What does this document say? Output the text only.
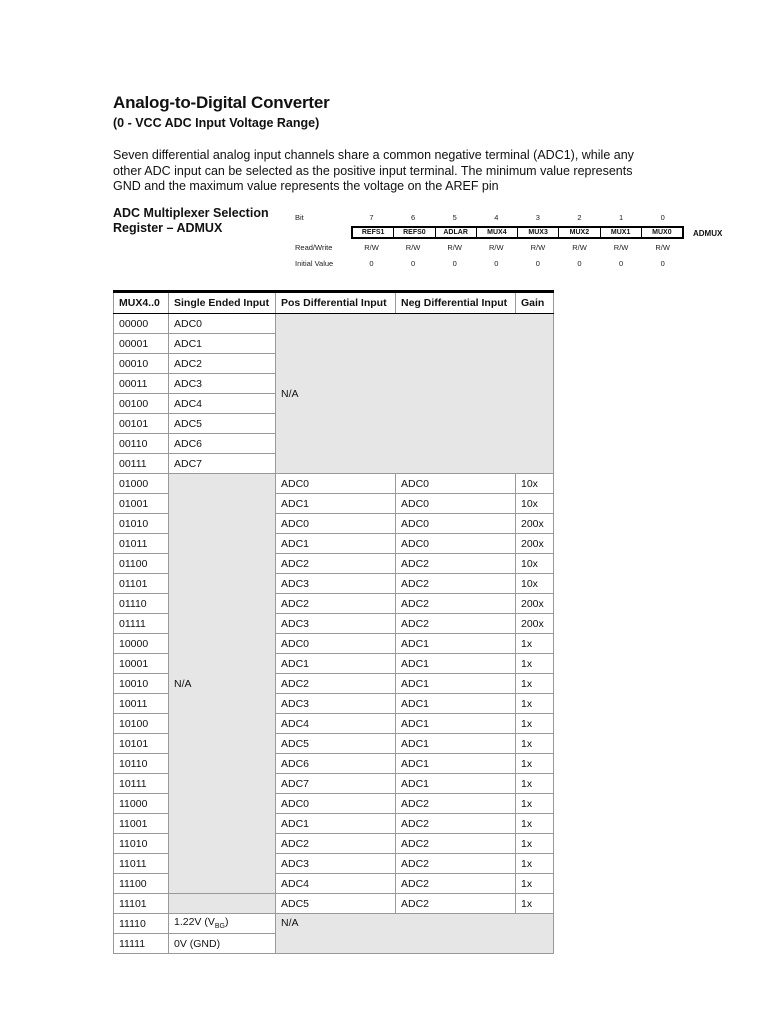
Analog-to-Digital Converter
(0 - VCC ADC Input Voltage Range)
Seven differential analog input channels share a common negative terminal (ADC1), while any other ADC input can be selected as the positive input terminal. The minimum value represents GND and the maximum value represents the voltage on the AREF pin
ADC Multiplexer Selection
Register – ADMUX
Bit
Read/Write
Initial Value
7	6	5	4	3	2	1	0
REFS1	REFS0	ADLAR	MUX4	MUX3	MUX2	MUX1	MUX0
R/W	R/W	R/W	R/W	R/W	R/W	R/W	R/W
0	0	0	0	0	0	0	0
ADMUX
MUX4..0	Single Ended Input	Pos Differential Input	Neg Differential Input	Gain
00000	ADC0	N/A		
00001	ADC1			
00010	ADC2			
00011	ADC3			
00100	ADC4			
00101	ADC5			
00110	ADC6			
00111	ADC7			
01000	N/A	ADC0	ADC0	10x
01001		ADC1	ADC0	10x
01010		ADC0	ADC0	200x
01011		ADC1	ADC0	200x
01100		ADC2	ADC2	10x
01101		ADC3	ADC2	10x
01110		ADC2	ADC2	200x
01111		ADC3	ADC2	200x
10000		ADC0	ADC1	1x
10001		ADC1	ADC1	1x
10010		ADC2	ADC1	1x
10011		ADC3	ADC1	1x
10100		ADC4	ADC1	1x
10101		ADC5	ADC1	1x
10110		ADC6	ADC1	1x
10111		ADC7	ADC1	1x
11000		ADC0	ADC2	1x
11001		ADC1	ADC2	1x
11010		ADC2	ADC2	1x
11011		ADC3	ADC2	1x
11100		ADC4	ADC2	1x
11101		ADC5	ADC2	1x
11110	1.22V $(V_{BG})$	N/A		
11111	0V (GND)			
